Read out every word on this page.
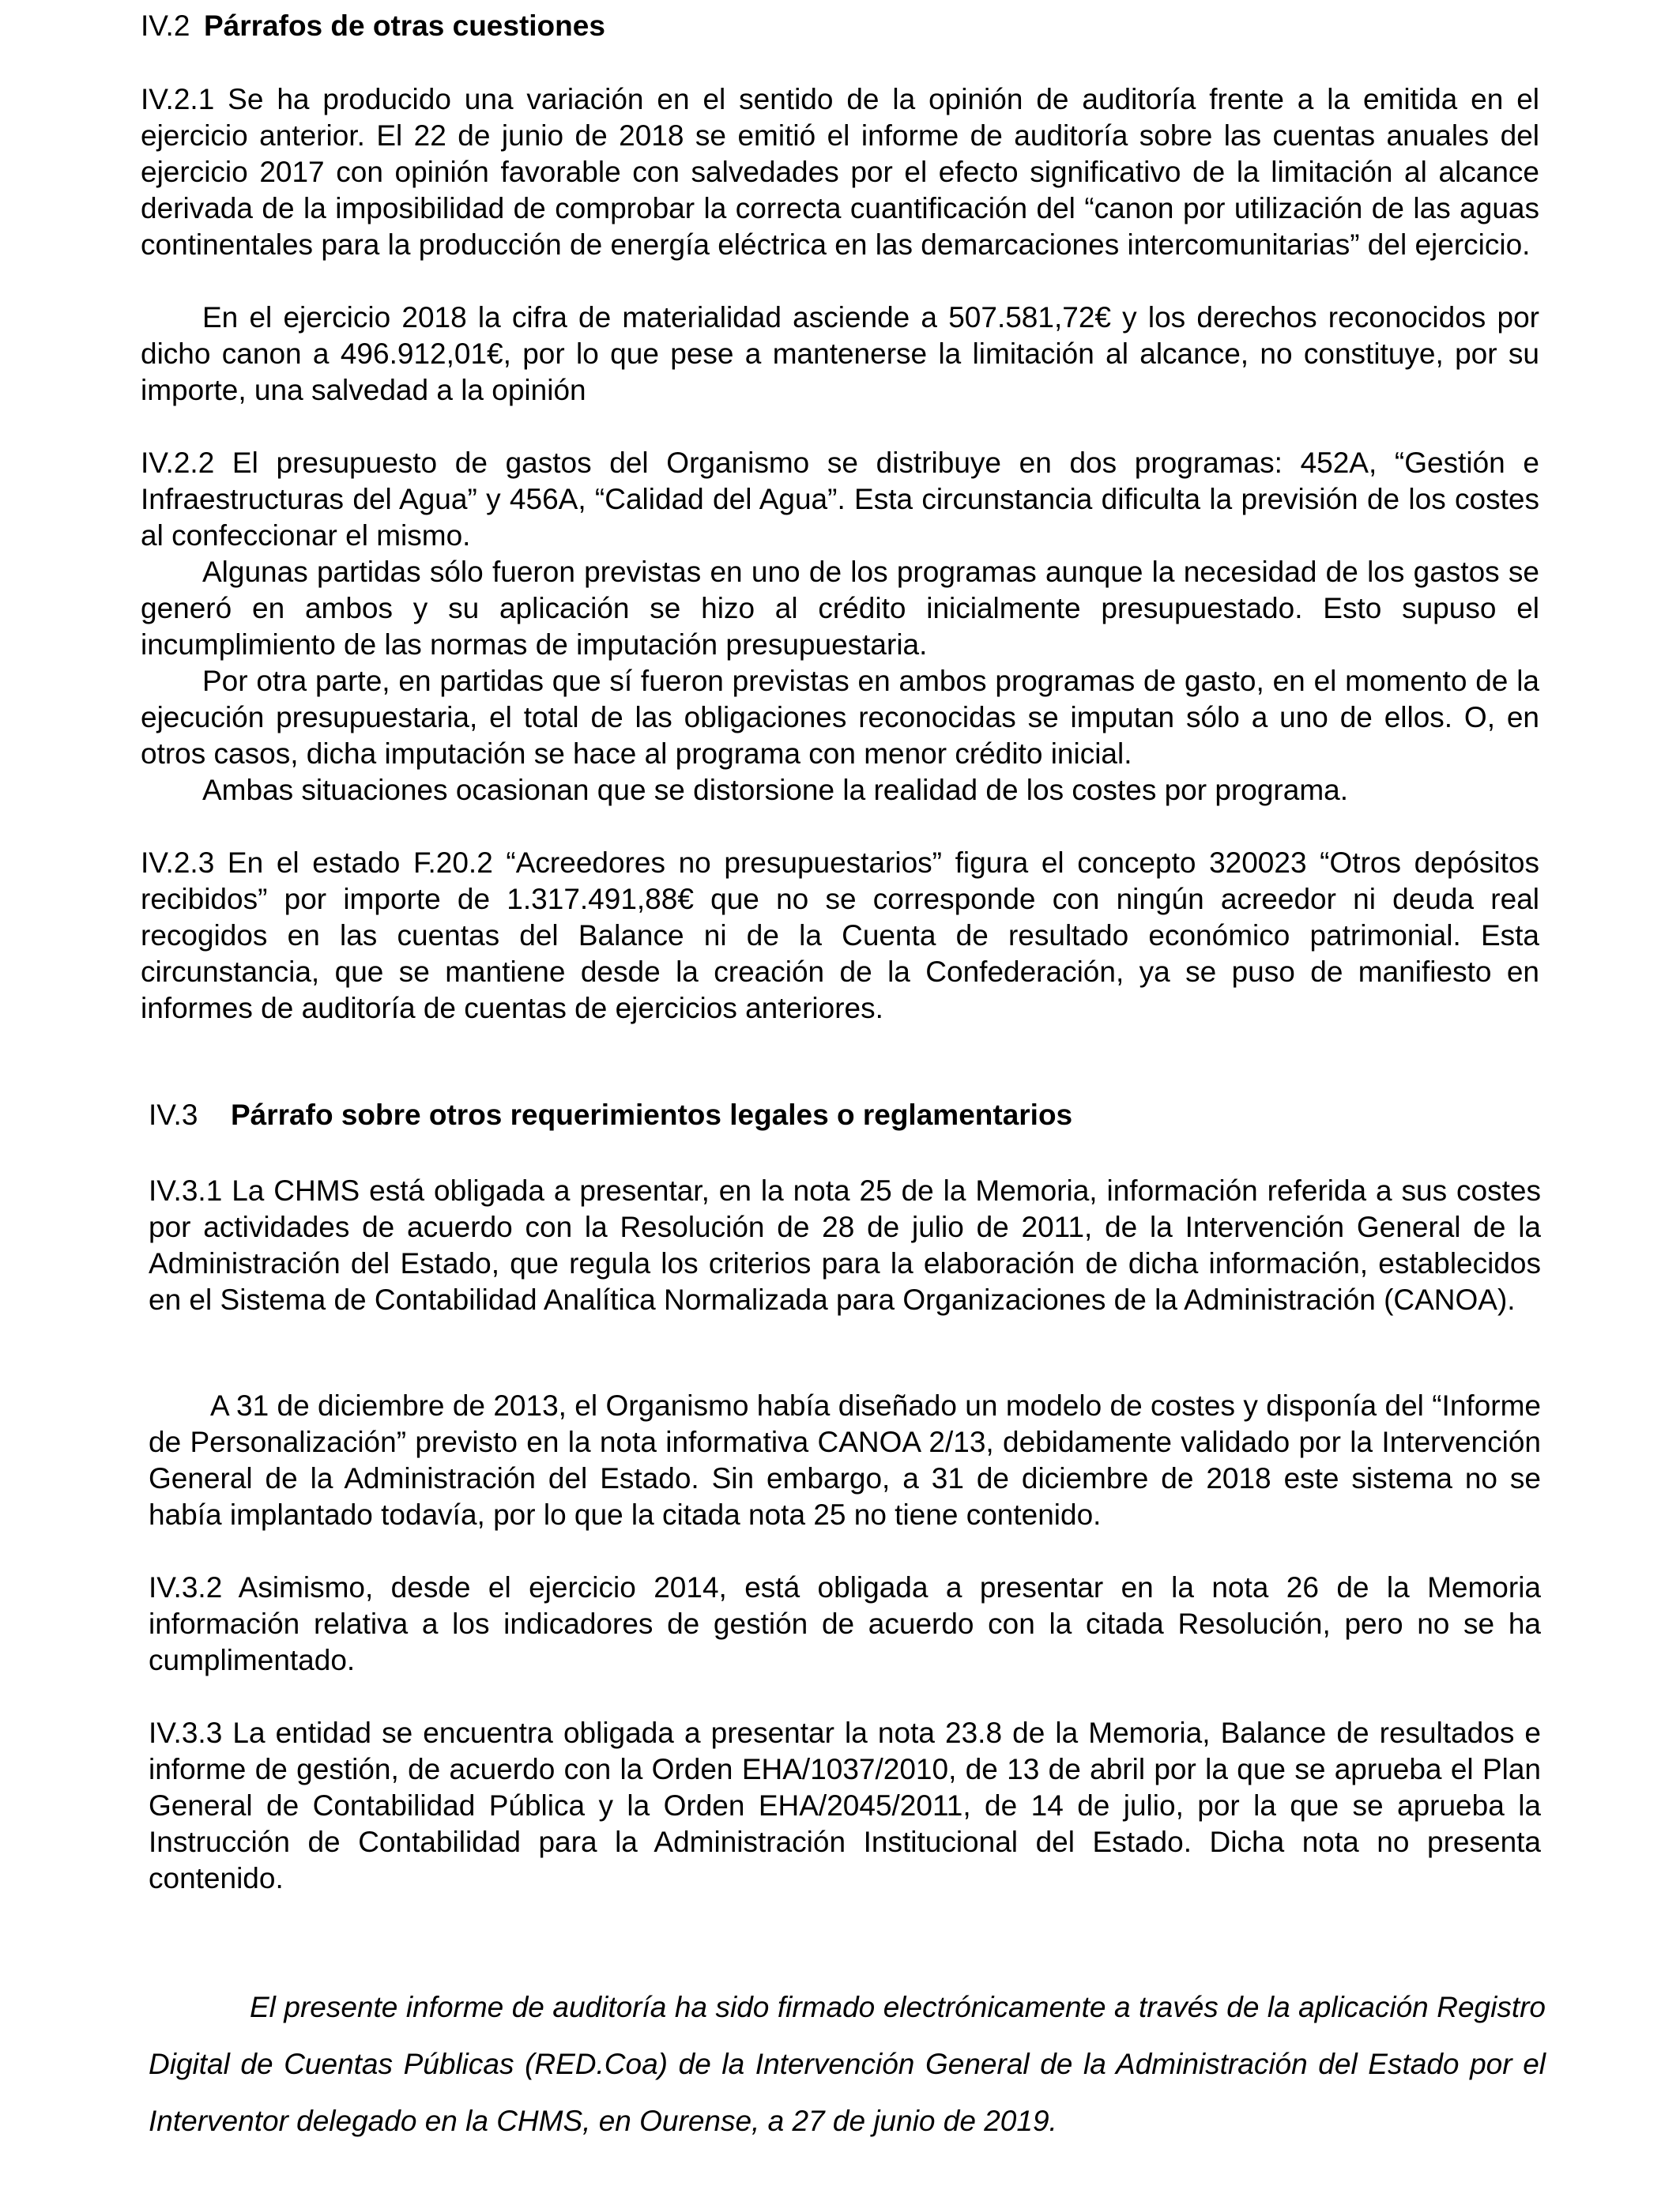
IV.2 Párrafos de otras cuestiones

IV.2.1 Se ha producido una variación en el sentido de la opinión de auditoría frente a la emitida en el ejercicio anterior. El 22 de junio de 2018 se emitió el informe de auditoría sobre las cuentas anuales del ejercicio 2017 con opinión favorable con salvedades por el efecto significativo de la limitación al alcance derivada de la imposibilidad de comprobar la correcta cuantificación del “canon por utilización de las aguas continentales para la producción de energía eléctrica en las demarcaciones intercomunitarias” del ejercicio.

En el ejercicio 2018 la cifra de materialidad asciende a 507.581,72€ y los derechos reconocidos por dicho canon a 496.912,01€, por lo que pese a mantenerse la limitación al alcance, no constituye, por su importe, una salvedad a la opinión

IV.2.2 El presupuesto de gastos del Organismo se distribuye en dos programas: 452A, “Gestión e Infraestructuras del Agua” y 456A, “Calidad del Agua”. Esta circunstancia dificulta la previsión de los costes al confeccionar el mismo.

Algunas partidas sólo fueron previstas en uno de los programas aunque la necesidad de los gastos se generó en ambos y su aplicación se hizo al crédito inicialmente presupuestado. Esto supuso el incumplimiento de las normas de imputación presupuestaria.

Por otra parte, en partidas que sí fueron previstas en ambos programas de gasto, en el momento de la ejecución presupuestaria, el total de las obligaciones reconocidas se imputan sólo a uno de ellos. O, en otros casos, dicha imputación se hace al programa con menor crédito inicial.

Ambas situaciones ocasionan que se distorsione la realidad de los costes por programa.

IV.2.3 En el estado F.20.2 “Acreedores no presupuestarios” figura el concepto 320023 “Otros depósitos recibidos” por importe de 1.317.491,88€ que no se corresponde con ningún acreedor ni deuda real recogidos en las cuentas del Balance ni de la Cuenta de resultado económico patrimonial. Esta circunstancia, que se mantiene desde la creación de la Confederación, ya se puso de manifiesto en informes de auditoría de cuentas de ejercicios anteriores.

IV.3 Párrafo sobre otros requerimientos legales o reglamentarios

IV.3.1 La CHMS está obligada a presentar, en la nota 25 de la Memoria, información referida a sus costes por actividades de acuerdo con la Resolución de 28 de julio de 2011, de la Intervención General de la Administración del Estado, que regula los criterios para la elaboración de dicha información, establecidos en el Sistema de Contabilidad Analítica Normalizada para Organizaciones de la Administración (CANOA).

A 31 de diciembre de 2013, el Organismo había diseñado un modelo de costes y disponía del “Informe de Personalización” previsto en la nota informativa CANOA 2/13, debidamente validado por la Intervención General de la Administración del Estado. Sin embargo, a 31 de diciembre de 2018 este sistema no se había implantado todavía, por lo que la citada nota 25 no tiene contenido.

IV.3.2 Asimismo, desde el ejercicio 2014, está obligada a presentar en la nota 26 de la Memoria información relativa a los indicadores de gestión de acuerdo con la citada Resolución, pero no se ha cumplimentado.

IV.3.3 La entidad se encuentra obligada a presentar la nota 23.8 de la Memoria, Balance de resultados e informe de gestión, de acuerdo con la Orden EHA/1037/2010, de 13 de abril por la que se aprueba el Plan General de Contabilidad Pública y la Orden EHA/2045/2011, de 14 de julio, por la que se aprueba la Instrucción de Contabilidad para la Administración Institucional del Estado. Dicha nota no presenta contenido.

El presente informe de auditoría ha sido firmado electrónicamente a través de la aplicación Registro Digital de Cuentas Públicas (RED.Coa) de la Intervención General de la Administración del Estado por el Interventor delegado en la CHMS, en Ourense, a 27 de junio de 2019.
